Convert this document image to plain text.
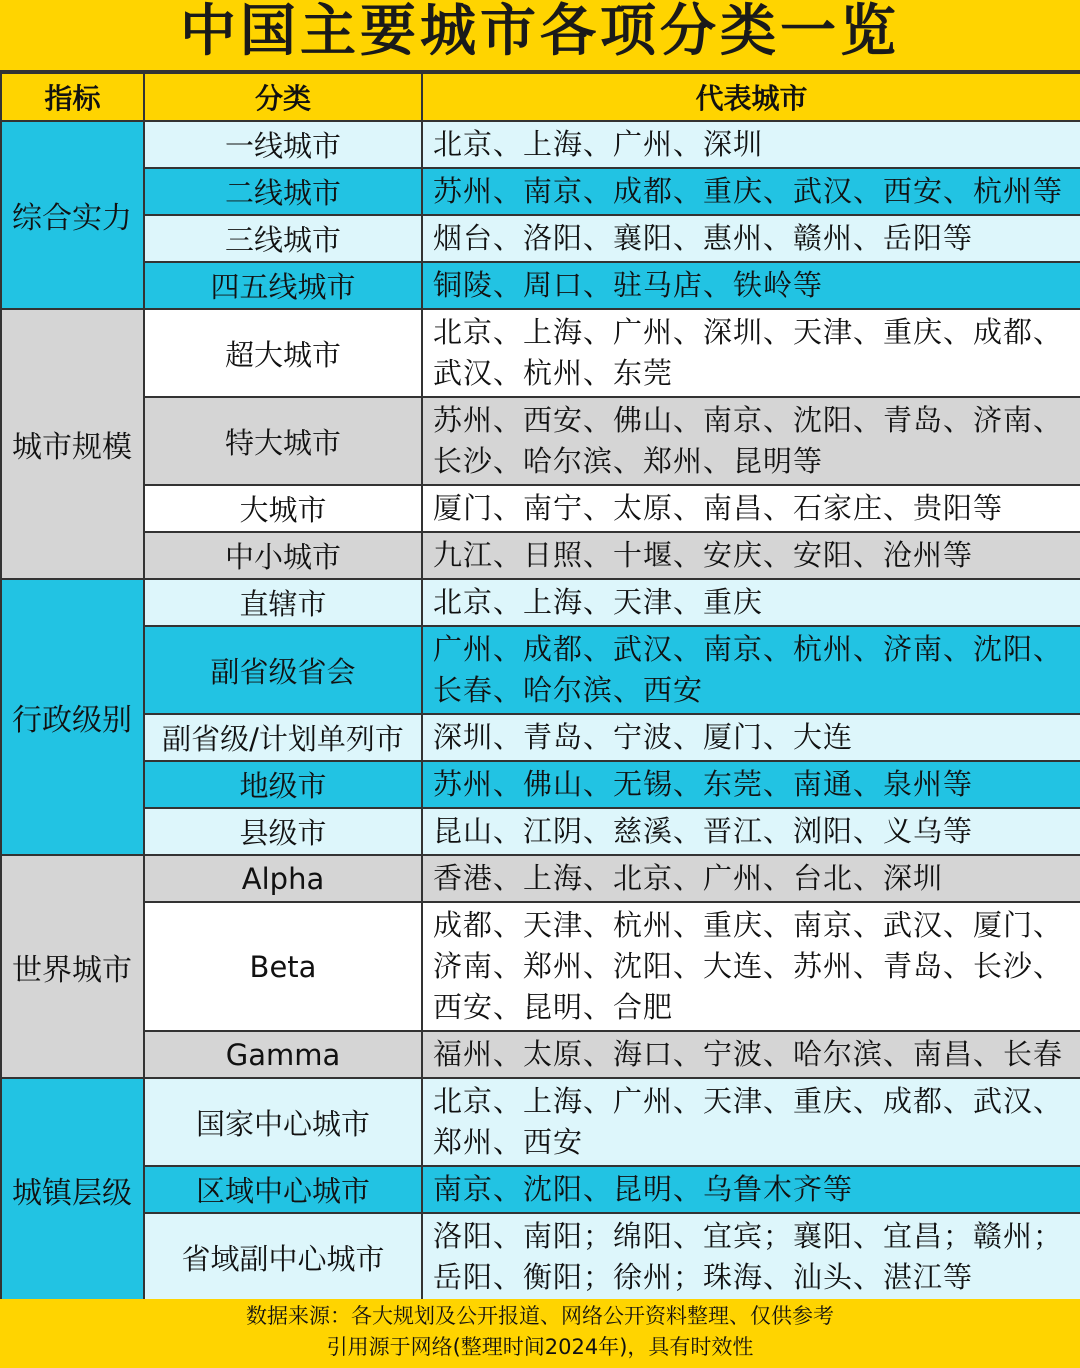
中国主要城市各项分类一览
指标	分类	代表城市
综合实力	一线城市	北京、上海、广州、深圳
	二线城市	苏州、南京、成都、重庆、武汉、西安、杭州等
	三线城市	烟台、洛阳、襄阳、惠州、赣州、岳阳等
	四五线城市	铜陵、周口、驻马店、铁岭等
城市规模	超大城市	北京、上海、广州、深圳、天津、重庆、成都、武汉、杭州、东莞
	特大城市	苏州、西安、佛山、南京、沈阳、青岛、济南、长沙、哈尔滨、郑州、昆明等
	大城市	厦门、南宁、太原、南昌、石家庄、贵阳等
	中小城市	九江、日照、十堰、安庆、安阳、沧州等
行政级别	直辖市	北京、上海、天津、重庆
	副省级省会	广州、成都、武汉、南京、杭州、济南、沈阳、长春、哈尔滨、西安
	副省级/计划单列市	深圳、青岛、宁波、厦门、大连
	地级市	苏州、佛山、无锡、东莞、南通、泉州等
	县级市	昆山、江阴、慈溪、晋江、浏阳、义乌等
世界城市	Alpha	香港、上海、北京、广州、台北、深圳
	Beta	成都、天津、杭州、重庆、南京、武汉、厦门、济南、郑州、沈阳、大连、苏州、青岛、长沙、西安、昆明、合肥
	Gamma	福州、太原、海口、宁波、哈尔滨、南昌、长春
城镇层级	国家中心城市	北京、上海、广州、天津、重庆、成都、武汉、郑州、西安
	区域中心城市	南京、沈阳、昆明、乌鲁木齐等
	省域副中心城市	洛阳、南阳；绵阳、宜宾；襄阳、宜昌；赣州；岳阳、衡阳；徐州；珠海、汕头、湛江等
数据来源：各大规划及公开报道、网络公开资料整理、仅供参考
引用源于网络(整理时间2024年)，具有时效性
